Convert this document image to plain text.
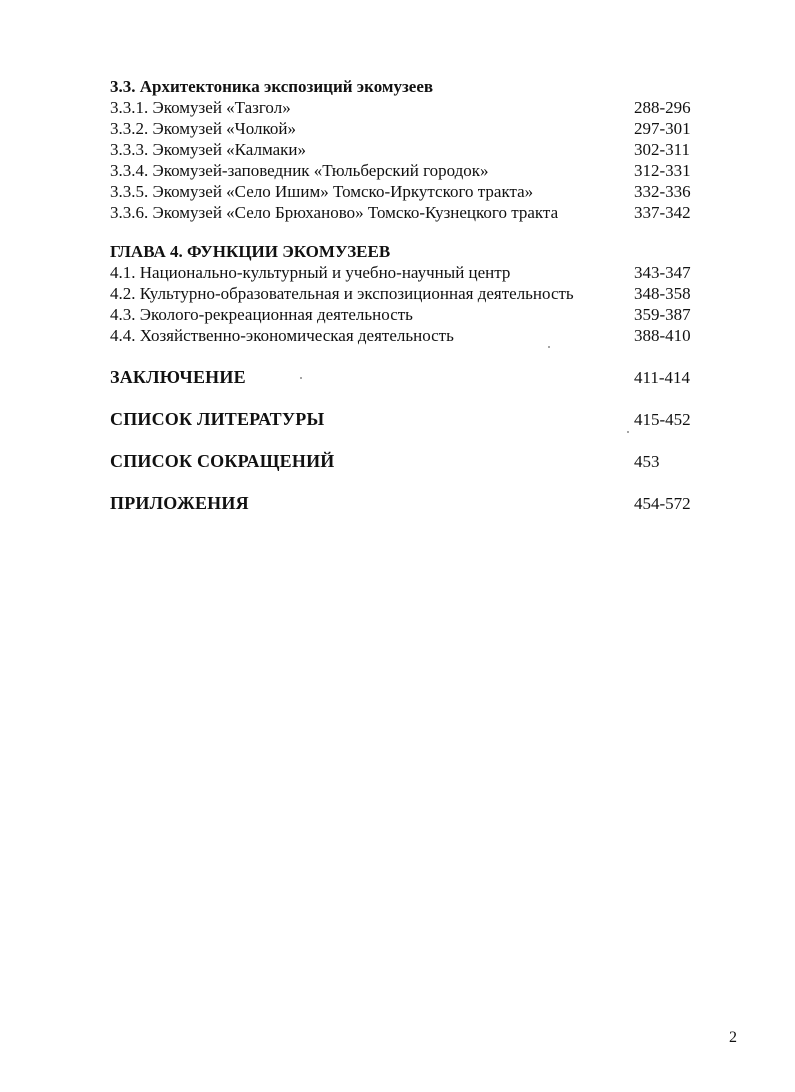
3.3. Архитектоника экспозиций экомузеев
3.3.1. Экомузей «Тазгол»	288-296
3.3.2. Экомузей «Чолкой»	297-301
3.3.3. Экомузей «Калмаки»	302-311
3.3.4. Экомузей-заповедник «Тюльберский городок»	312-331
3.3.5. Экомузей «Село Ишим» Томско-Иркутского тракта»	332-336
3.3.6. Экомузей «Село Брюханово» Томско-Кузнецкого тракта	337-342
ГЛАВА 4. ФУНКЦИИ ЭКОМУЗЕЕВ
4.1. Национально-культурный и учебно-научный центр	343-347
4.2. Культурно-образовательная и экспозиционная деятельность	348-358
4.3. Эколого-рекреационная деятельность	359-387
4.4. Хозяйственно-экономическая деятельность	388-410
ЗАКЛЮЧЕНИЕ	411-414
СПИСОК ЛИТЕРАТУРЫ	415-452
СПИСОК СОКРАЩЕНИЙ	453
ПРИЛОЖЕНИЯ	454-572
2
